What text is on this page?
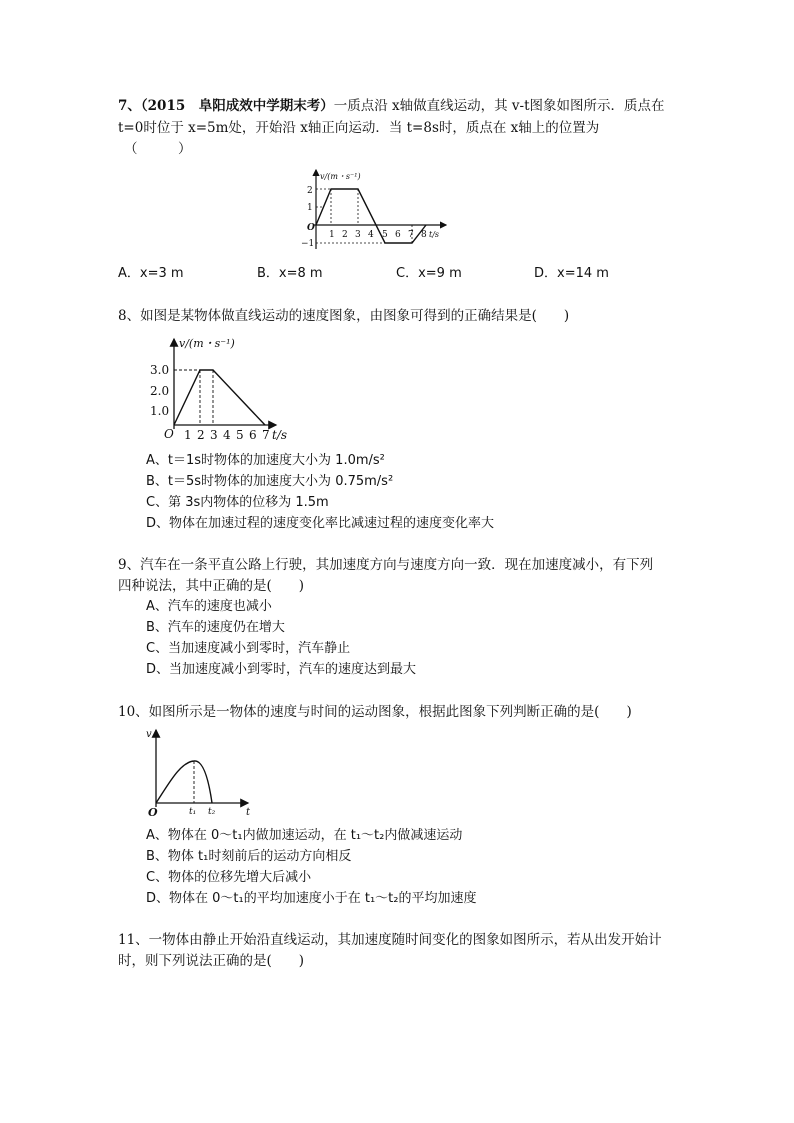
7、（2015　阜阳成效中学期末考）一质点沿 x轴做直线运动，其 v-t图象如图所示．质点在
t=0时位于 x=5m处，开始沿 x轴正向运动．当 t=8s时，质点在 x轴上的位置为
（　　　）
v/(m・s⁻¹)
2
1
−1
O
1 2 3 4 5 6 7 8 t/s
A．x=3 m	B．x=8 m	C．x=9 m	D．x=14 m
8、如图是某物体做直线运动的速度图象，由图象可得到的正确结果是(　　)
v/(m・s⁻¹)
3.0
2.0
1.0
O 1 2 3 4 5 6 7 t/s
A、t＝1s时物体的加速度大小为 1.0m/s²
B、t＝5s时物体的加速度大小为 0.75m/s²
C、第 3s内物体的位移为 1.5m
D、物体在加速过程的速度变化率比减速过程的速度变化率大
9、汽车在一条平直公路上行驶，其加速度方向与速度方向一致．现在加速度减小，有下列
四种说法，其中正确的是(　　)
A、汽车的速度也减小
B、汽车的速度仍在增大
C、当加速度减小到零时，汽车静止
D、当加速度减小到零时，汽车的速度达到最大
10、如图所示是一物体的速度与时间的运动图象，根据此图象下列判断正确的是(　　)
v
O	t₁ t₂	t
A、物体在 0～t₁内做加速运动，在 t₁～t₂内做减速运动
B、物体 t₁时刻前后的运动方向相反
C、物体的位移先增大后减小
D、物体在 0～t₁的平均加速度小于在 t₁～t₂的平均加速度
11、一物体由静止开始沿直线运动，其加速度随时间变化的图象如图所示，若从出发开始计
时，则下列说法正确的是(　　)
